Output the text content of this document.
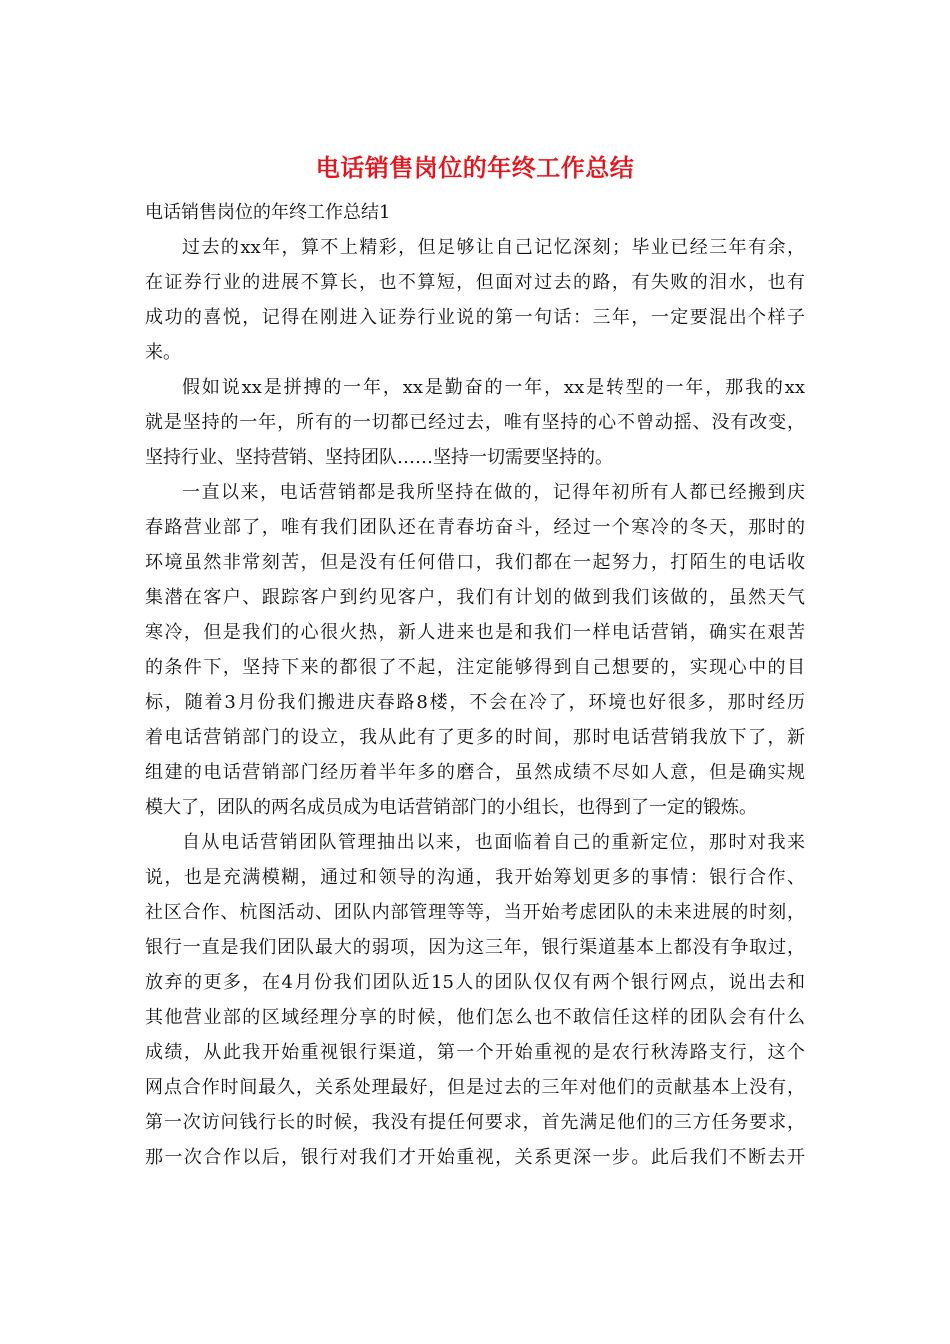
电话销售岗位的年终工作总结
电话销售岗位的年终工作总结1
过去的xx年，算不上精彩，但足够让自己记忆深刻；毕业已经三年有余，
在证券行业的进展不算长，也不算短，但面对过去的路，有失败的泪水，也有
成功的喜悦，记得在刚进入证券行业说的第一句话：三年，一定要混出个样子
来。
假如说xx是拼搏的一年，xx是勤奋的一年，xx是转型的一年，那我的xx
就是坚持的一年，所有的一切都已经过去，唯有坚持的心不曾动摇、没有改变，
坚持行业、坚持营销、坚持团队……坚持一切需要坚持的。
一直以来，电话营销都是我所坚持在做的，记得年初所有人都已经搬到庆
春路营业部了，唯有我们团队还在青春坊奋斗，经过一个寒冷的冬天，那时的
环境虽然非常刻苦，但是没有任何借口，我们都在一起努力，打陌生的电话收
集潜在客户、跟踪客户到约见客户，我们有计划的做到我们该做的，虽然天气
寒冷，但是我们的心很火热，新人进来也是和我们一样电话营销，确实在艰苦
的条件下，坚持下来的都很了不起，注定能够得到自己想要的，实现心中的目
标，随着3月份我们搬进庆春路8楼，不会在冷了，环境也好很多，那时经历
着电话营销部门的设立，我从此有了更多的时间，那时电话营销我放下了，新
组建的电话营销部门经历着半年多的磨合，虽然成绩不尽如人意，但是确实规
模大了，团队的两名成员成为电话营销部门的小组长，也得到了一定的锻炼。
自从电话营销团队管理抽出以来，也面临着自己的重新定位，那时对我来
说，也是充满模糊，通过和领导的沟通，我开始筹划更多的事情：银行合作、
社区合作、杭图活动、团队内部管理等等，当开始考虑团队的未来进展的时刻，
银行一直是我们团队最大的弱项，因为这三年，银行渠道基本上都没有争取过，
放弃的更多，在4月份我们团队近15人的团队仅仅有两个银行网点，说出去和
其他营业部的区域经理分享的时候，他们怎么也不敢信任这样的团队会有什么
成绩，从此我开始重视银行渠道，第一个开始重视的是农行秋涛路支行，这个
网点合作时间最久，关系处理最好，但是过去的三年对他们的贡献基本上没有，
第一次访问钱行长的时候，我没有提任何要求，首先满足他们的三方任务要求，
那一次合作以后，银行对我们才开始重视，关系更深一步。此后我们不断去开
